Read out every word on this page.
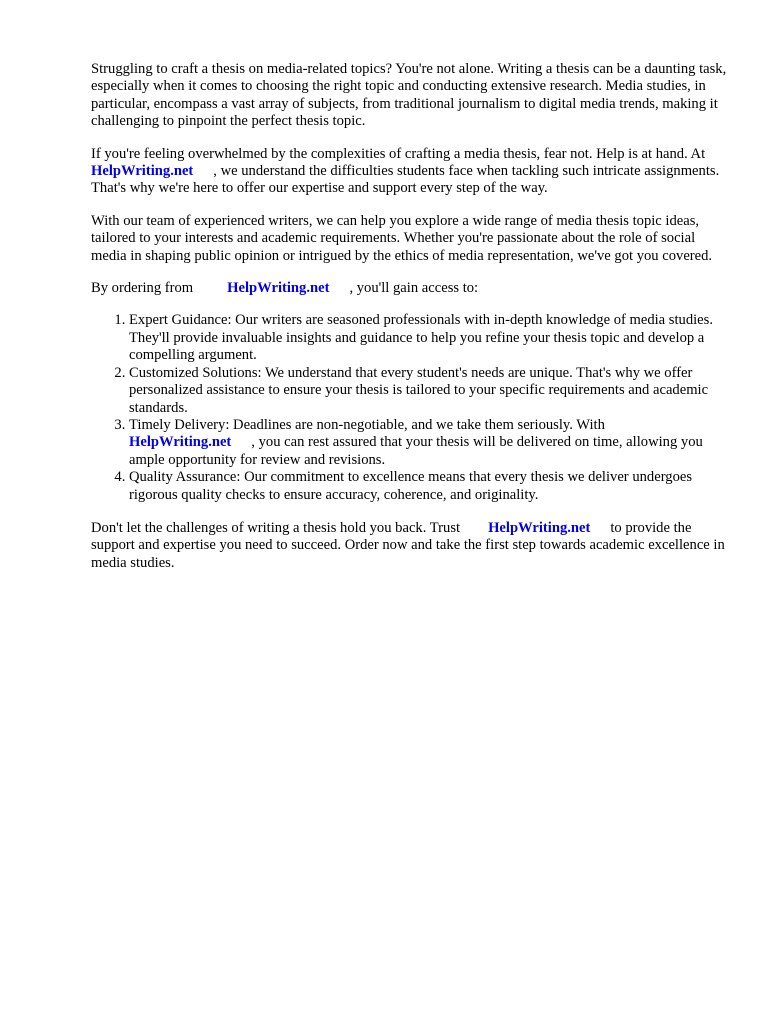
Struggling to craft a thesis on media-related topics? You're not alone. Writing a thesis can be a daunting task, especially when it comes to choosing the right topic and conducting extensive research. Media studies, in particular, encompass a vast array of subjects, from traditional journalism to digital media trends, making it challenging to pinpoint the perfect thesis topic.

If you're feeling overwhelmed by the complexities of crafting a media thesis, fear not. Help is at hand. AtHelpWriting.net , we understand the difficulties students face when tackling such intricate assignments. That's why we're here to offer our expertise and support every step of the way.

With our team of experienced writers, we can help you explore a wide range of media thesis topic ideas, tailored to your interests and academic requirements. Whether you're passionate about the role of social media in shaping public opinion or intrigued by the ethics of media representation, we've got you covered.

By ordering from HelpWriting.net , you'll gain access to:

1. Expert Guidance: Our writers are seasoned professionals with in-depth knowledge of media studies. They'll provide invaluable insights and guidance to help you refine your thesis topic and develop a compelling argument.
2. Customized Solutions: We understand that every student's needs are unique. That's why we offer personalized assistance to ensure your thesis is tailored to your specific requirements and academic standards.
3. Timely Delivery: Deadlines are non-negotiable, and we take them seriously. With
HelpWriting.net , you can rest assured that your thesis will be delivered on time, allowing you ample opportunity for review and revisions.
4. Quality Assurance: Our commitment to excellence means that every thesis we deliver undergoes rigorous quality checks to ensure accuracy, coherence, and originality.

Don't let the challenges of writing a thesis hold you back. Trust HelpWriting.net to provide the support and expertise you need to succeed. Order now and take the first step towards academic excellence in media studies.
